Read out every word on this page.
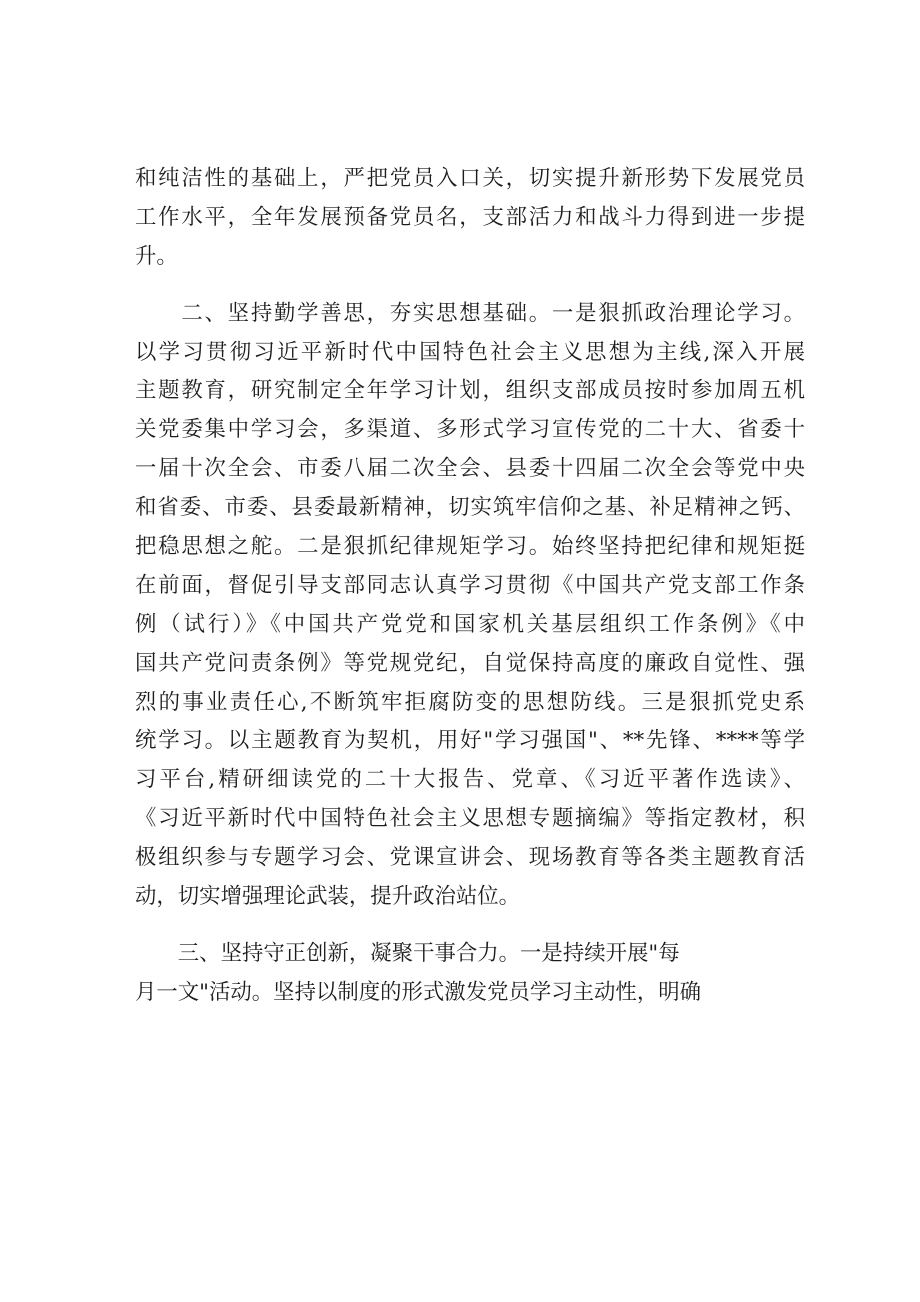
和纯洁性的基础上，严把党员入口关，切实提升新形势下发展党员
工作水平，全年发展预备党员名，支部活力和战斗力得到进一步提
升。
　　二、坚持勤学善思，夯实思想基础。一是狠抓政治理论学习。
以学习贯彻习近平新时代中国特色社会主义思想为主线,深入开展
主题教育，研究制定全年学习计划，组织支部成员按时参加周五机
关党委集中学习会，多渠道、多形式学习宣传党的二十大、省委十
一届十次全会、市委八届二次全会、县委十四届二次全会等党中央
和省委、市委、县委最新精神，切实筑牢信仰之基、补足精神之钙、
把稳思想之舵。二是狠抓纪律规矩学习。始终坚持把纪律和规矩挺
在前面，督促引导支部同志认真学习贯彻《中国共产党支部工作条
例（试行）》《中国共产党党和国家机关基层组织工作条例》《中
国共产党问责条例》等党规党纪，自觉保持高度的廉政自觉性、强
烈的事业责任心,不断筑牢拒腐防变的思想防线。三是狠抓党史系
统学习。以主题教育为契机，用好"学习强国"、**先锋、****等学
习平台,精研细读党的二十大报告、党章、《习近平著作选读》、
《习近平新时代中国特色社会主义思想专题摘编》等指定教材，积
极组织参与专题学习会、党课宣讲会、现场教育等各类主题教育活
动，切实增强理论武装，提升政治站位。
　　三、坚持守正创新，凝聚干事合力。一是持续开展"每
月一文"活动。坚持以制度的形式激发党员学习主动性，明确
